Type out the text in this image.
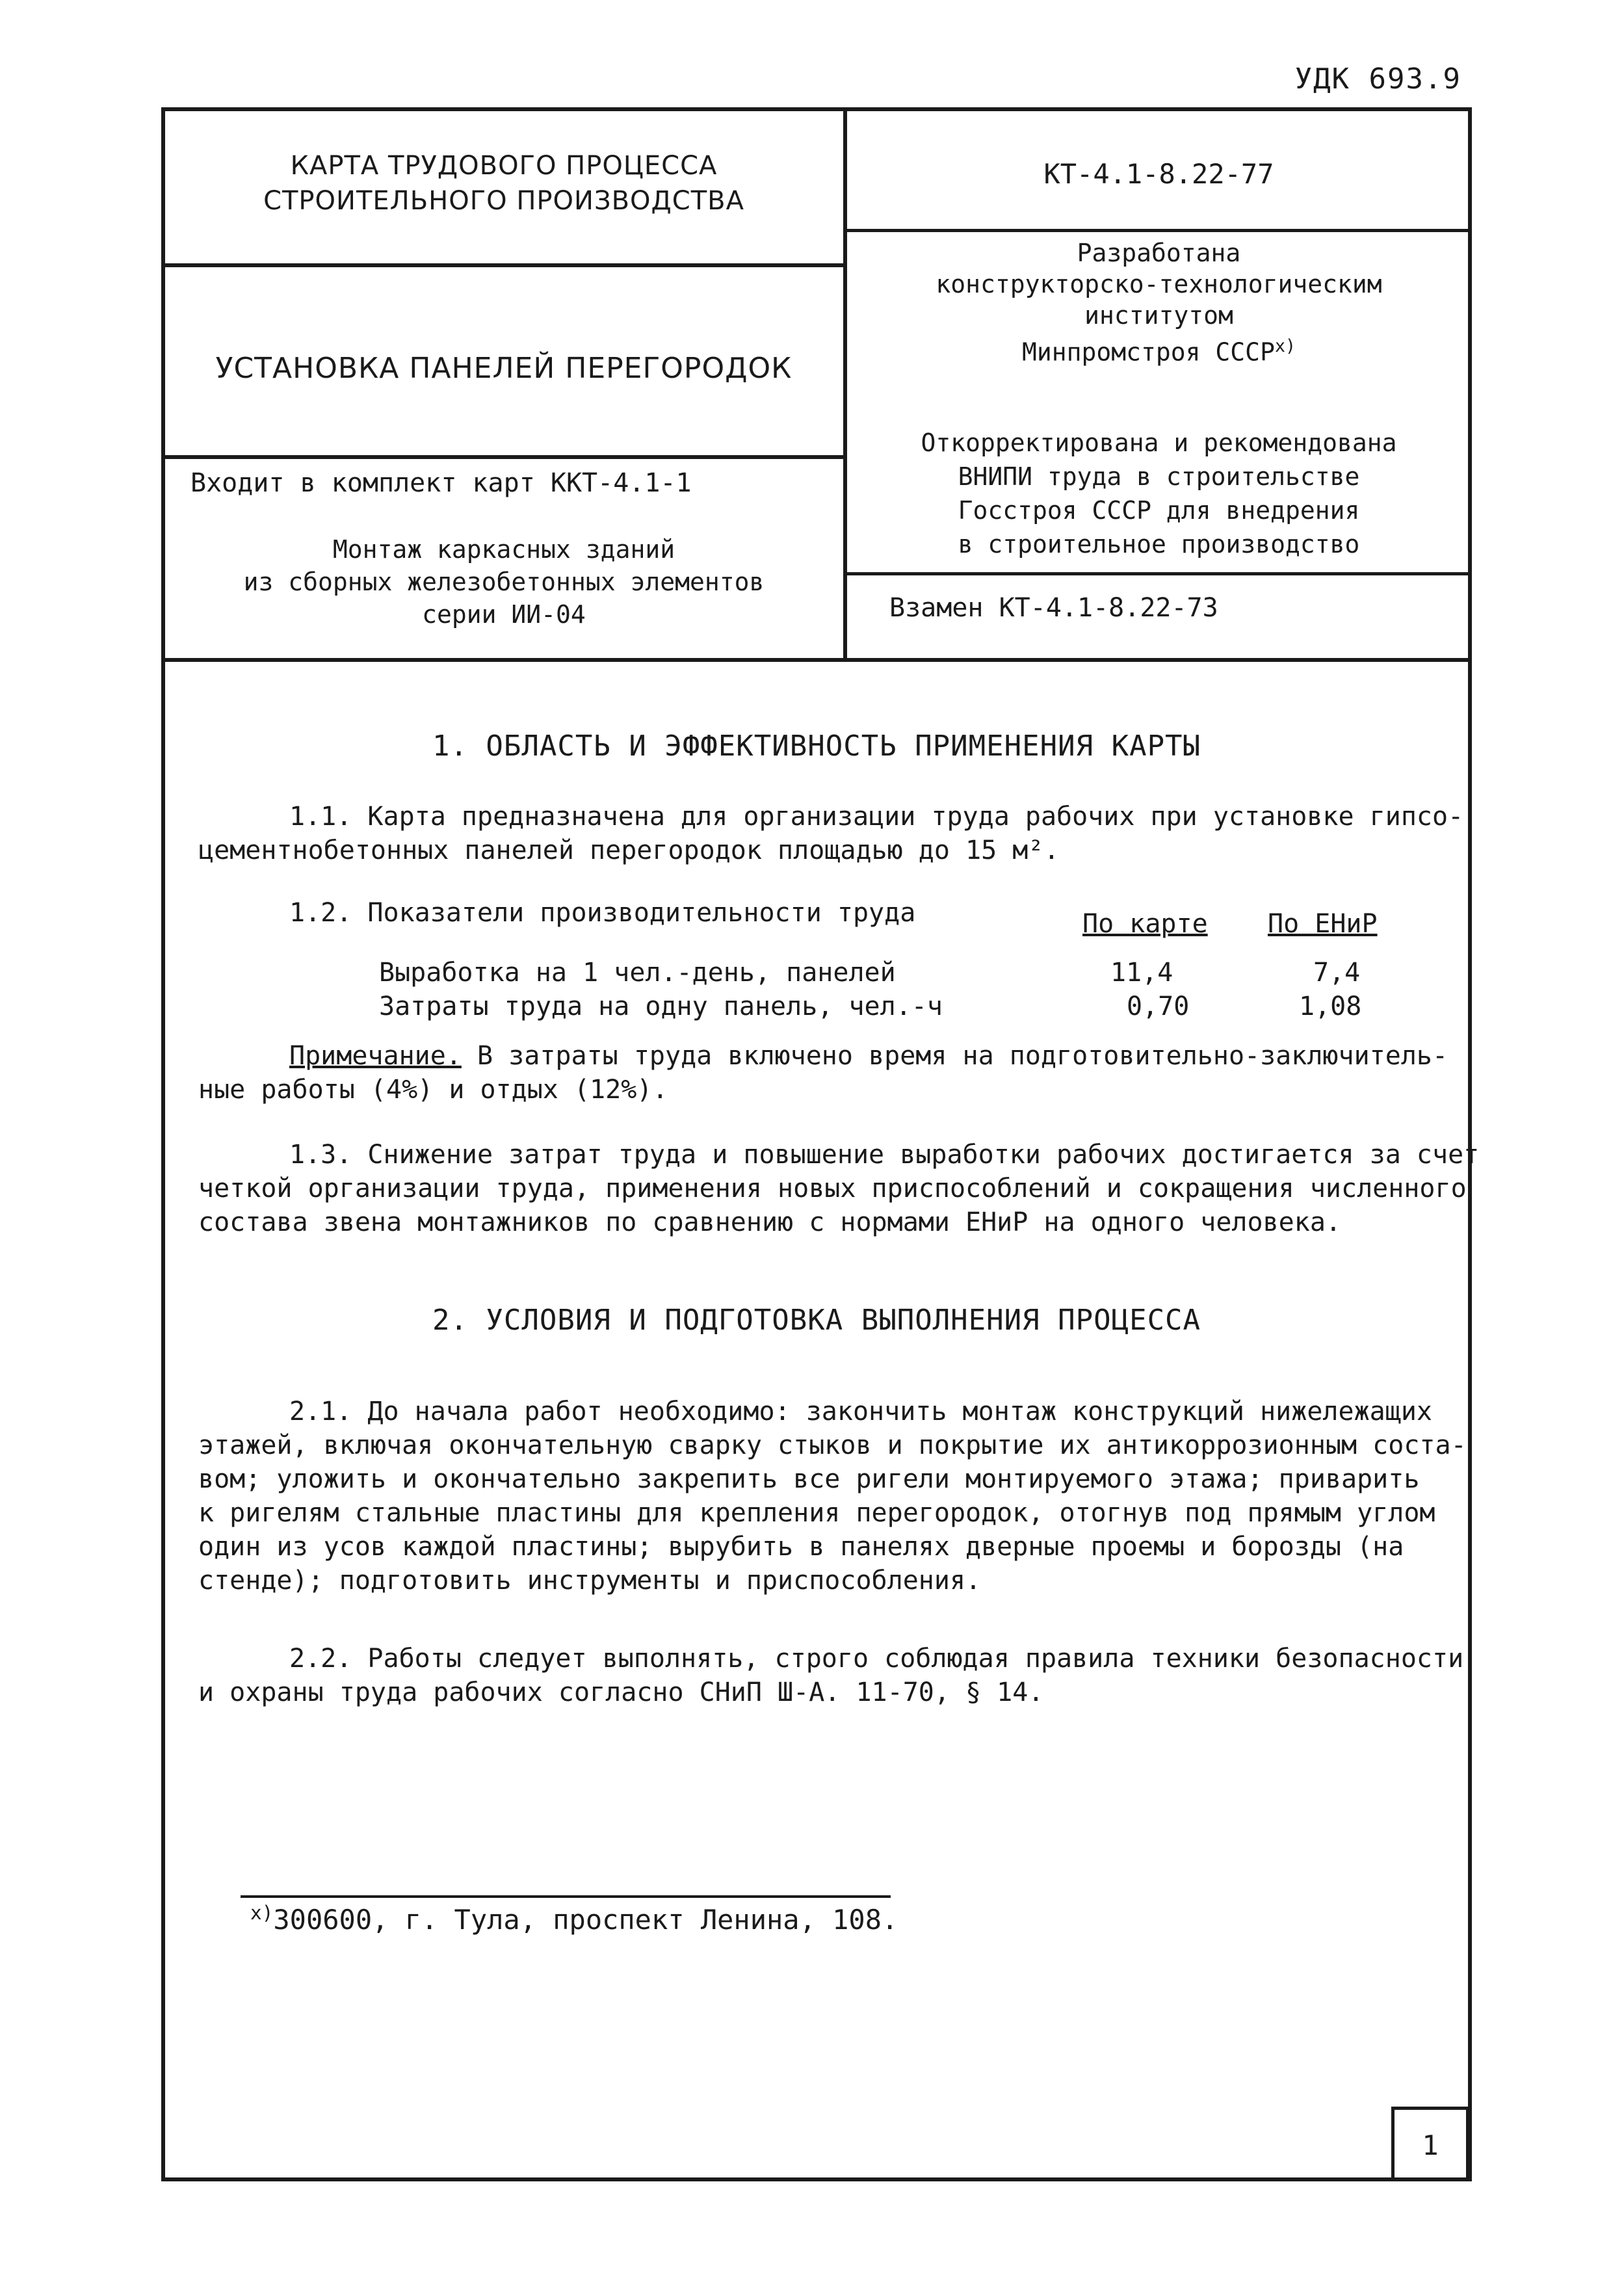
УДК 693.9
КАРТА ТРУДОВОГО ПРОЦЕССА
СТРОИТЕЛЬНОГО ПРОИЗВОДСТВА
КТ-4.1-8.22-77
УСТАНОВКА ПАНЕЛЕЙ ПЕРЕГОРОДОК
Разработана
конструкторско-технологическим
институтом
Минпромстроя СССР$^{x)}$
Откорректирована и рекомендована
ВНИПИ труда в строительстве
Госстроя СССР для внедрения
в строительное производство
Входит в комплект карт ККТ-4.1-1
Монтаж каркасных зданий
из сборных железобетонных элементов
серии ИИ-04	Взамен КТ-4.1-8.22-73
1. ОБЛАСТЬ И ЭФФЕКТИВНОСТЬ ПРИМЕНЕНИЯ КАРТЫ
1.1. Карта предназначена для организации труда рабочих при установке гипсо-
цементнобетонных панелей перегородок площадью до 15 м².
1.2. Показатели производительности труда	По карте По ЕНиР
Выработка на 1 чел.-день, панелей	11,4	7,4
Затраты труда на одну панель, чел.-ч	0,70	1,08
Примечание. В затраты труда включено время на подготовительно-заключитель-
ные работы (4%) и отдых (12%).
1.3. Снижение затрат труда и повышение выработки рабочих достигается за счет
четкой организации труда, применения новых приспособлений и сокращения численного
состава звена монтажников по сравнению с нормами ЕНиР на одного человека.
2. УСЛОВИЯ И ПОДГОТОВКА ВЫПОЛНЕНИЯ ПРОЦЕССА
2.1. До начала работ необходимо: закончить монтаж конструкций нижележащих
этажей, включая окончательную сварку стыков и покрытие их антикоррозионным соста-
вом; уложить и окончательно закрепить все ригели монтируемого этажа; приварить
к ригелям стальные пластины для крепления перегородок, отогнув под прямым углом
один из усов каждой пластины; вырубить в панелях дверные проемы и борозды (на
стенде); подготовить инструменты и приспособления.
2.2. Работы следует выполнять, строго соблюдая правила техники безопасности
и охраны труда рабочих согласно СНиП Ш-А. 11-70, § 14.
$^{x)}$300600, г. Тула, проспект Ленина, 108.
1
